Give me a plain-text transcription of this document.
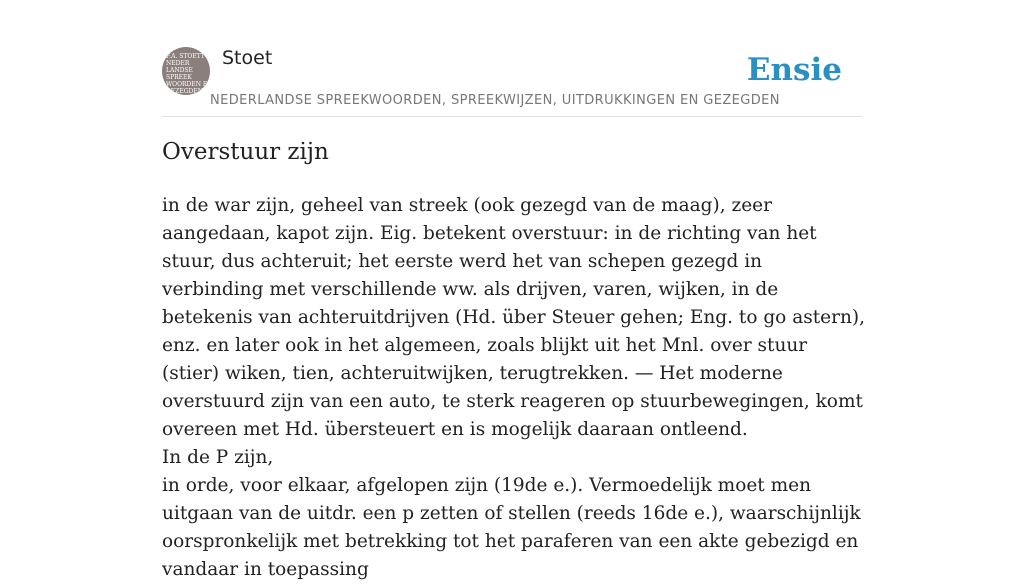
F.A. STOETT
NEDER
LANDSE
SPREEK
WOORDEN EN
GEZEGDEN
Stoet
NEDERLANDSE SPREEKWOORDEN, SPREEKWIJZEN, UITDRUKKINGEN EN GEZEGDEN
Ensie
Overstuur zijn

in de war zijn, geheel van streek (ook gezegd van de maag), zeer aangedaan, kapot zijn. Eig. betekent overstuur: in de richting van het stuur, dus achteruit; het eerste werd het van schepen gezegd in verbinding met verschillende ww. als drijven, varen, wijken, in de betekenis van achteruitdrijven (Hd. über Steuer gehen; Eng. to go astern), enz. en later ook in het algemeen, zoals blijkt uit het Mnl. over stuur (stier) wiken, tien, achteruitwijken, terugtrekken. — Het moderne overstuurd zijn van een auto, te sterk reageren op stuurbewegingen, komt overeen met Hd. übersteuert en is mogelijk daaraan ontleend.

In de P zijn,

in orde, voor elkaar, afgelopen zijn (19de e.). Vermoedelijk moet men uitgaan van de uitdr. een p zetten of stellen (reeds 16de e.), waarschijnlijk oorspronkelijk met betrekking tot het paraferen van een akte gebezigd en vandaar in toepassing
